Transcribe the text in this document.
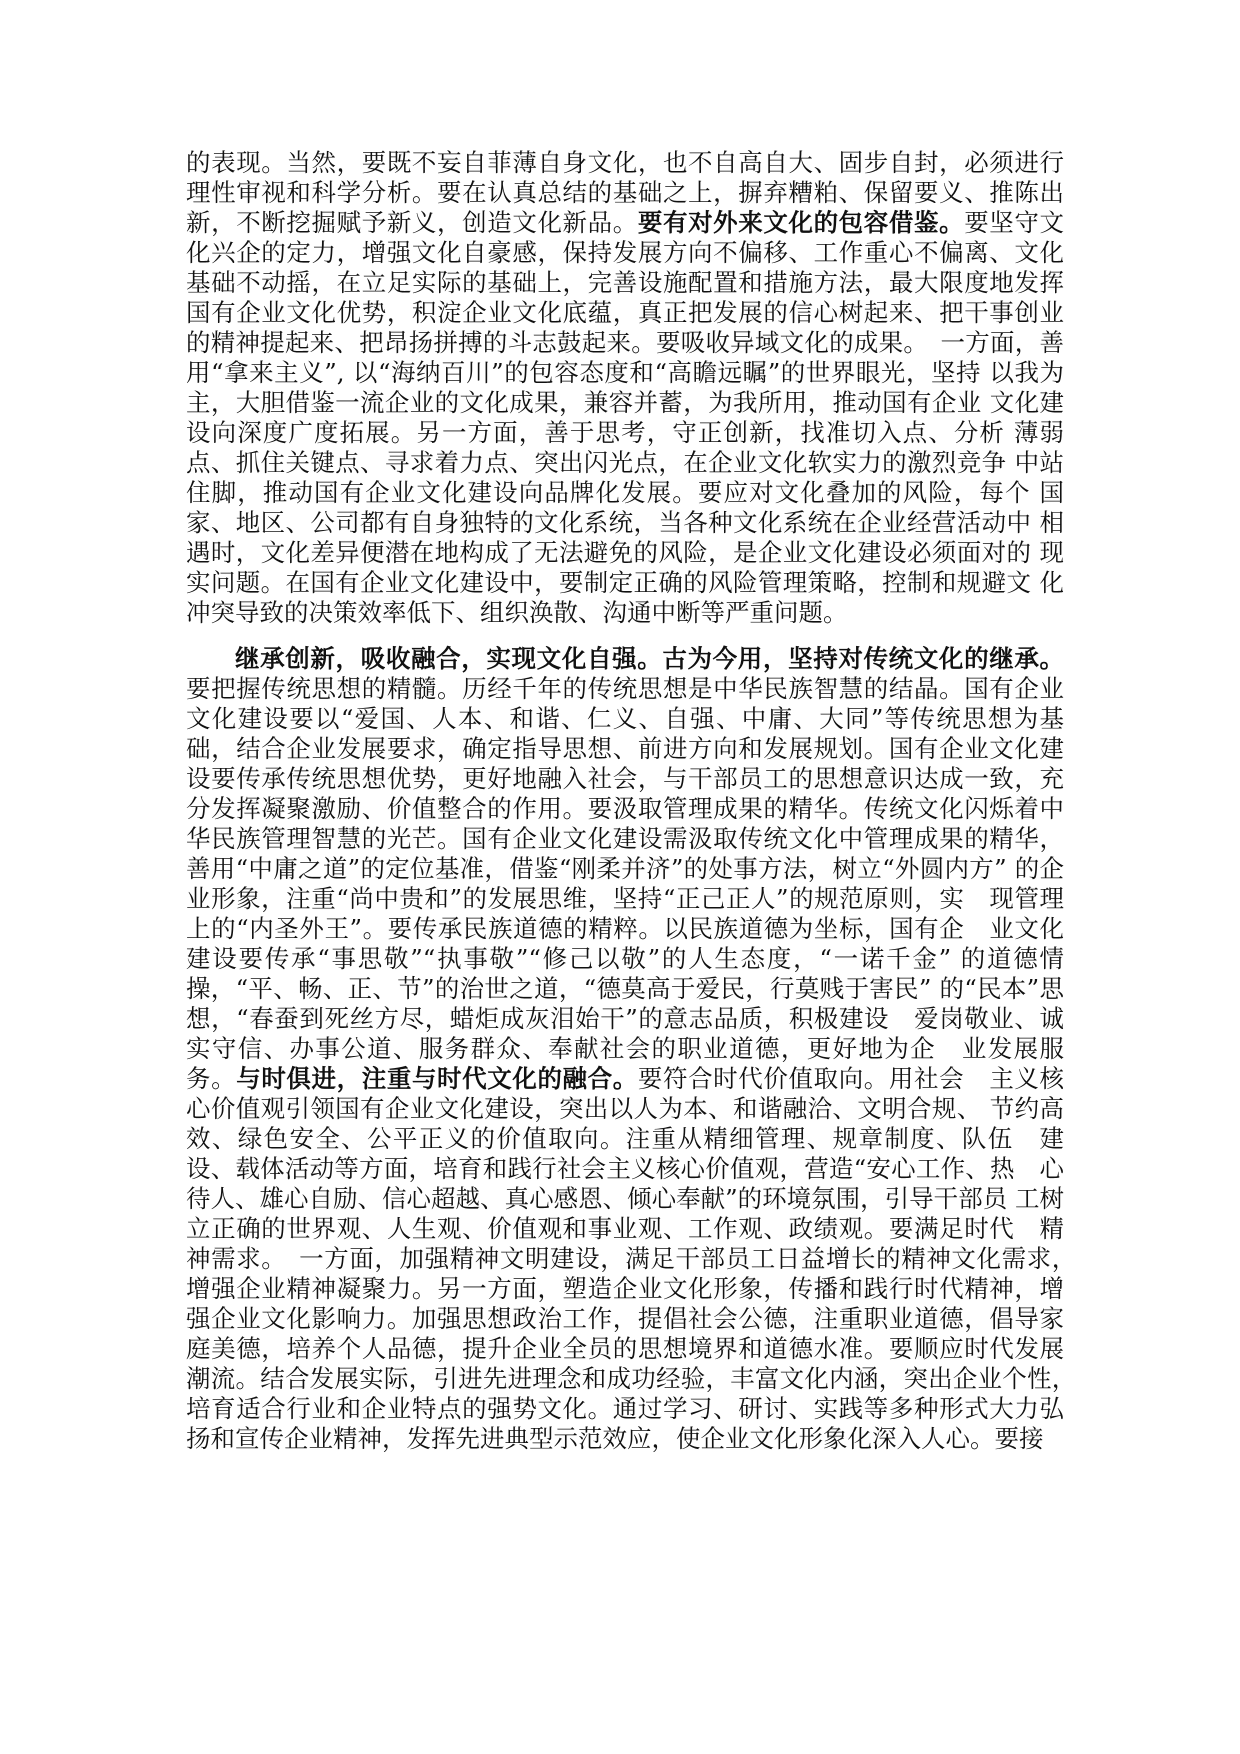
的表现。当然，要既不妄自菲薄自身文化，也不自高自大、固步自封，必须进行理性审视和科学分析。要在认真总结的基础之上，摒弃糟粕、保留要义、推陈出新，不断挖掘赋予新义，创造文化新品。要有对外来文化的包容借鉴。要坚守文化兴企的定力，增强文化自豪感，保持发展方向不偏移、工作重心不偏离、文化基础不动摇，在立足实际的基础上，完善设施配置和措施方法，最大限度地发挥国有企业文化优势，积淀企业文化底蕴，真正把发展的信心树起来、把干事创业的精神提起来、把昂扬拼搏的斗志鼓起来。要吸收异域文化的成果。　一方面，善 用“拿来主义”, 以“海纳百川”的包容态度和“高瞻远瞩”的世界眼光，坚持 以我为主，大胆借鉴一流企业的文化成果，兼容并蓄，为我所用，推动国有企业 文化建设向深度广度拓展。另一方面，善于思考，守正创新，找准切入点、分析 薄弱点、抓住关键点、寻求着力点、突出闪光点，在企业文化软实力的激烈竞争 中站住脚，推动国有企业文化建设向品牌化发展。要应对文化叠加的风险，每个 国家、地区、公司都有自身独特的文化系统，当各种文化系统在企业经营活动中 相遇时，文化差异便潜在地构成了无法避免的风险，是企业文化建设必须面对的 现实问题。在国有企业文化建设中，要制定正确的风险管理策略，控制和规避文 化冲突导致的决策效率低下、组织涣散、沟通中断等严重问题。

继承创新，吸收融合，实现文化自强。古为今用，坚持对传统文化的继承。要把握传统思想的精髓。历经千年的传统思想是中华民族智慧的结晶。国有企业文化建设要以“爱国、人本、和谐、仁义、自强、中庸、大同”等传统思想为基础，结合企业发展要求，确定指导思想、前进方向和发展规划。国有企业文化建设要传承传统思想优势，更好地融入社会，与干部员工的思想意识达成一致，充分发挥凝聚激励、价值整合的作用。要汲取管理成果的精华。传统文化闪烁着中华民族管理智慧的光芒。国有企业文化建设需汲取传统文化中管理成果的精华，善用“中庸之道”的定位基准，借鉴“刚柔并济”的处事方法，树立“外圆内方” 的企业形象，注重“尚中贵和”的发展思维，坚持“正己正人”的规范原则，实　现管理上的“内圣外王”。要传承民族道德的精粹。以民族道德为坐标，国有企　业文化建设要传承“事思敬”“执事敬”“修己以敬”的人生态度，“一诺千金” 的道德情操，“平、畅、正、节”的治世之道，“德莫高于爱民，行莫贱于害民” 的“民本”思想，“春蚕到死丝方尽，蜡炬成灰泪始干”的意志品质，积极建设　爱岗敬业、诚实守信、办事公道、服务群众、奉献社会的职业道德，更好地为企　业发展服务。与时俱进，注重与时代文化的融合。要符合时代价值取向。用社会　主义核心价值观引领国有企业文化建设，突出以人为本、和谐融洽、文明合规、 节约高效、绿色安全、公平正义的价值取向。注重从精细管理、规章制度、队伍　建设、载体活动等方面，培育和践行社会主义核心价值观，营造“安心工作、热　心待人、雄心自励、信心超越、真心感恩、倾心奉献”的环境氛围，引导干部员 工树立正确的世界观、人生观、价值观和事业观、工作观、政绩观。要满足时代　精神需求。　一方面，加强精神文明建设，满足干部员工日益增长的精神文化需求，　增强企业精神凝聚力。另一方面，塑造企业文化形象，传播和践行时代精神，增　强企业文化影响力。加强思想政治工作，提倡社会公德，注重职业道德，倡导家　庭美德，培养个人品德，提升企业全员的思想境界和道德水准。要顺应时代发展　潮流。结合发展实际，引进先进理念和成功经验，丰富文化内涵，突出企业个性，　培育适合行业和企业特点的强势文化。通过学习、研讨、实践等多种形式大力弘　扬和宣传企业精神，发挥先进典型示范效应，使企业文化形象化深入人心。要接
